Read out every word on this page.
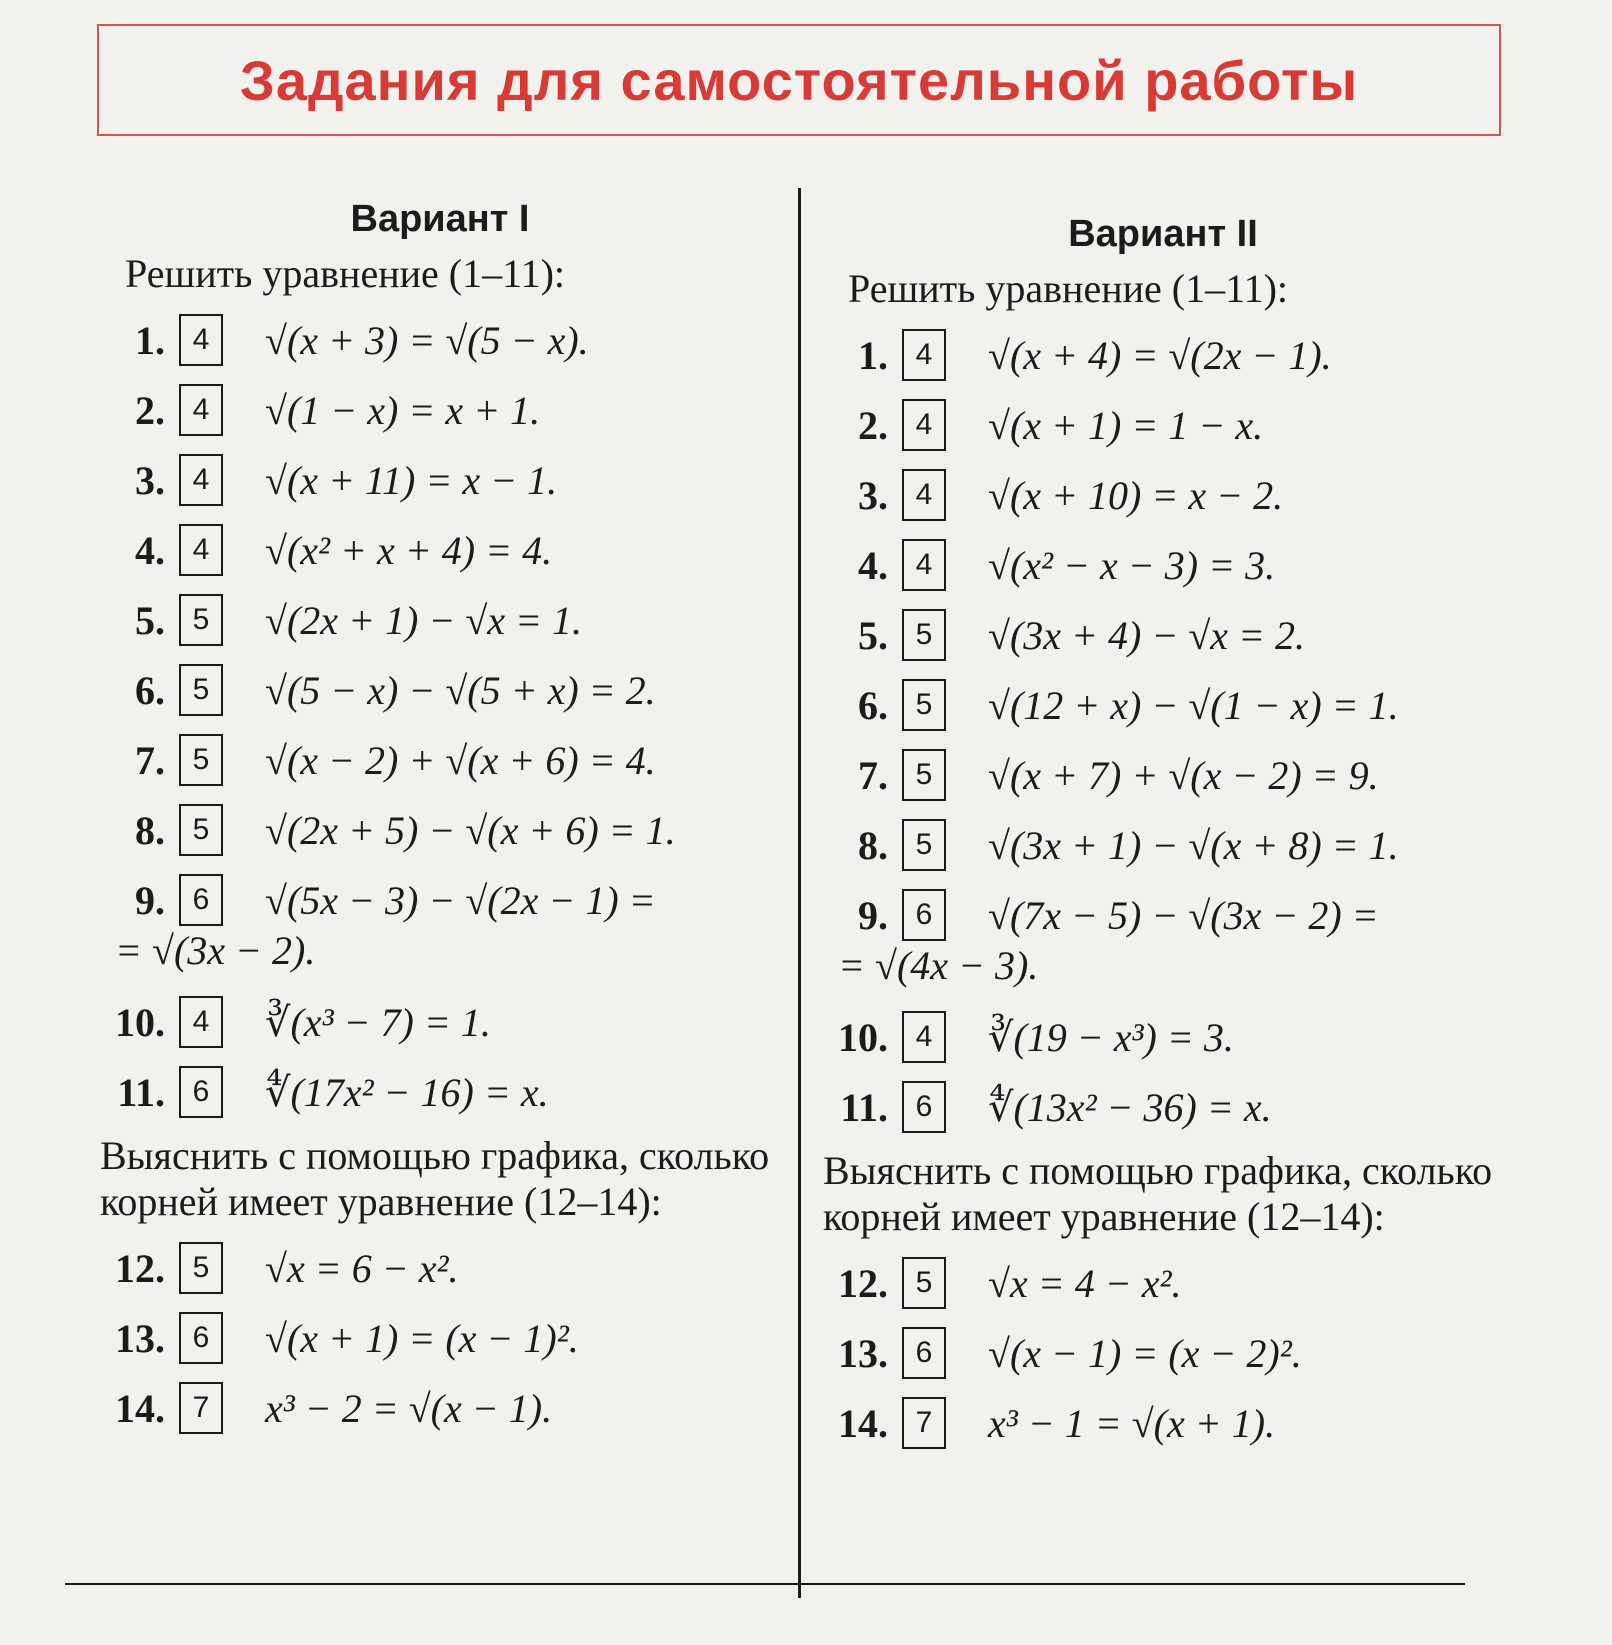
Задания для самостоятельной работы
Вариант I
Решить уравнение (1–11):
1. 4	√(x + 3) = √(5 − x).
2. 4	√(1 − x) = x + 1.
3. 4	√(x + 11) = x − 1.
4. 4	√(x² + x + 4) = 4.
5. 5	√(2x + 1) − √x = 1.
6. 5	√(5 − x) − √(5 + x) = 2.
7. 5	√(x − 2) + √(x + 6) = 4.
8. 5	√(2x + 5) − √(x + 6) = 1.
9. 6	√(5x − 3) − √(2x − 1) =
= √(3x − 2).
10. 4	∛(x³ − 7) = 1.
11. 6	∜(17x² − 16) = x.
Выяснить с помощью графика, сколько корней имеет уравнение (12–14):
12. 5	√x = 6 − x².
13. 6	√(x + 1) = (x − 1)².
14. 7	x³ − 2 = √(x − 1).
Вариант II
Решить уравнение (1–11):
1. 4	√(x + 4) = √(2x − 1).
2. 4	√(x + 1) = 1 − x.
3. 4	√(x + 10) = x − 2.
4. 4	√(x² − x − 3) = 3.
5. 5	√(3x + 4) − √x = 2.
6. 5	√(12 + x) − √(1 − x) = 1.
7. 5	√(x + 7) + √(x − 2) = 9.
8. 5	√(3x + 1) − √(x + 8) = 1.
9. 6	√(7x − 5) − √(3x − 2) =
= √(4x − 3).
10. 4	∛(19 − x³) = 3.
11. 6	∜(13x² − 36) = x.
Выяснить с помощью графика, сколько корней имеет уравнение (12–14):
12. 5	√x = 4 − x².
13. 6	√(x − 1) = (x − 2)².
14. 7	x³ − 1 = √(x + 1).
